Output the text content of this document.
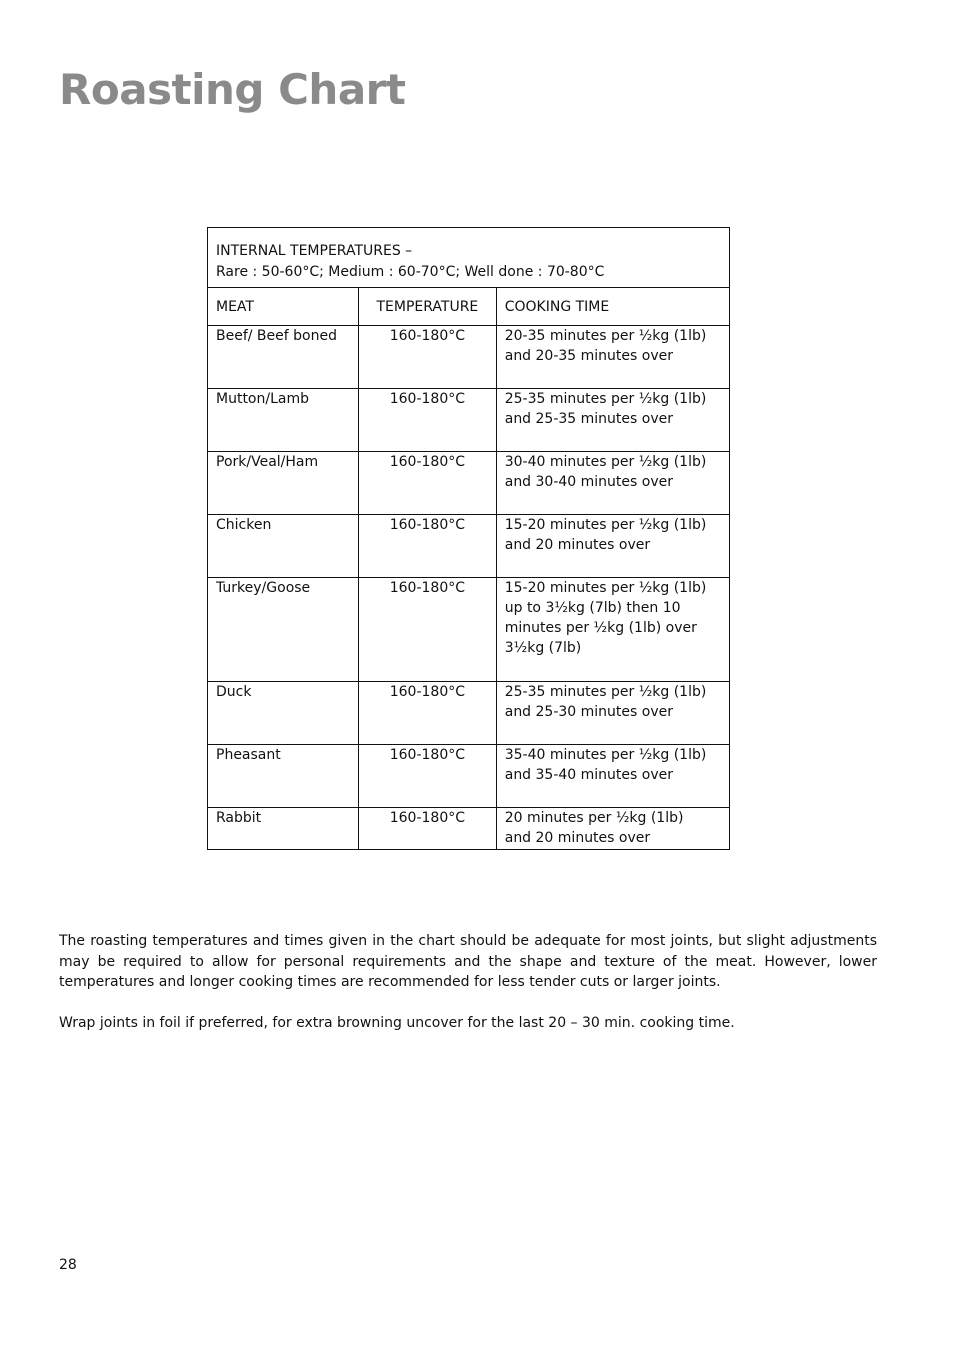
Roasting Chart
INTERNAL TEMPERATURES –
Rare : 50-60°C; Medium : 60-70°C; Well done : 70-80°C		

MEAT	TEMPERATURE	COOKING TIME
Beef/ Beef boned	160-180°C	20-35 minutes per ½kg (1lb)
and 20-35 minutes over

Mutton/Lamb	160-180°C	25-35 minutes per ½kg (1lb)
and 25-35 minutes over

Pork/Veal/Ham	160-180°C	30-40 minutes per ½kg (1lb)
and 30-40 minutes over

Chicken	160-180°C	15-20 minutes per ½kg (1lb)
and 20 minutes over

Turkey/Goose	160-180°C	15-20 minutes per ½kg (1lb)
up to 3½kg (7lb) then 10
minutes per ½kg (1lb) over
3½kg (7lb)

Duck	160-180°C	25-35 minutes per ½kg (1lb)
and 25-30 minutes over

Pheasant	160-180°C	35-40 minutes per ½kg (1lb)
and 35-40 minutes over

Rabbit	160-180°C	20 minutes per ½kg (1lb)
and 20 minutes over

The roasting temperatures and times given in the chart should be adequate for most joints, but slight adjustments may be required to allow for personal requirements and the shape and texture of the meat. However, lower temperatures and longer cooking times are recommended for less tender cuts or larger joints.

Wrap joints in foil if preferred, for extra browning uncover for the last 20 – 30 min. cooking time.

28
